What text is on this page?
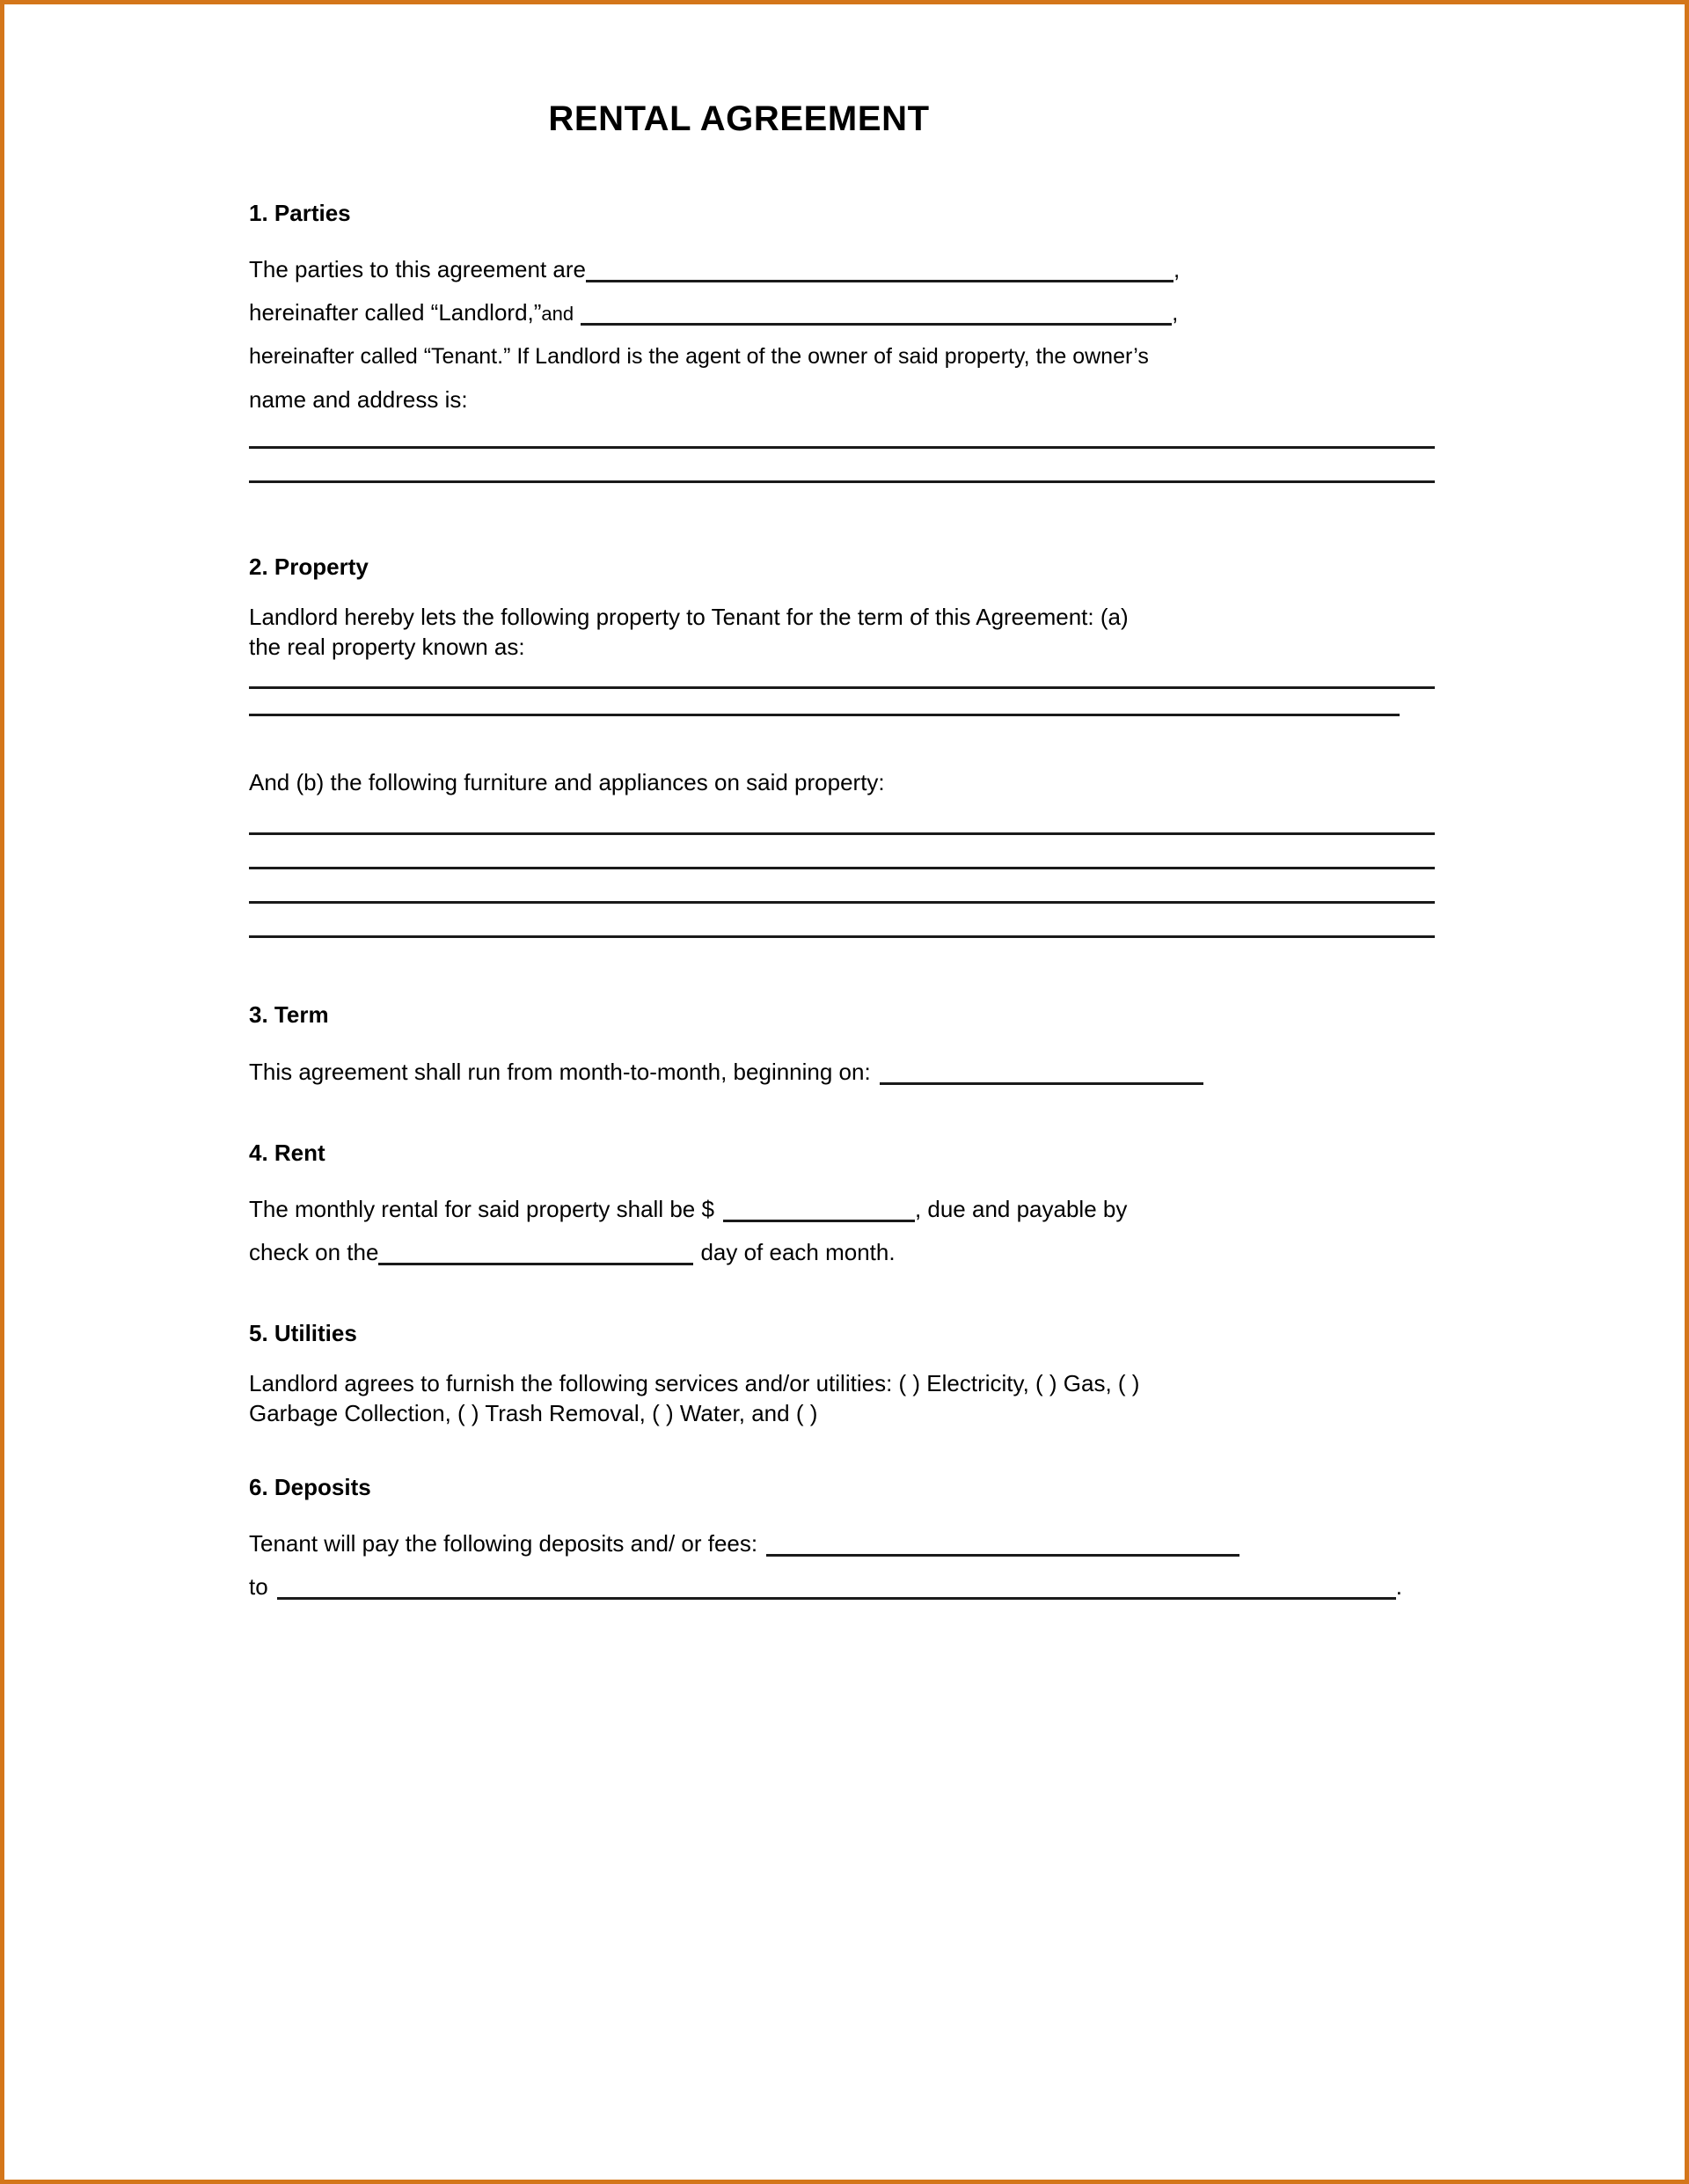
RENTAL AGREEMENT
1. Parties
The parties to this agreement are	,
hereinafter called “Landlord,”and	,
hereinafter called “Tenant.” If Landlord is the agent of the owner of said property, the owner’s
name and address is:
2. Property
Landlord hereby lets the following property to Tenant for the term of this Agreement: (a)
the real property known as:
And (b) the following furniture and appliances on said property:
3. Term
This agreement shall run from month-to-month, beginning on:
4. Rent
The monthly rental for said property shall be $	, due and payable by
check on the	day of each month.
5. Utilities
Landlord agrees to furnish the following services and/or utilities: ( ) Electricity, ( ) Gas, ( )
Garbage Collection, ( ) Trash Removal, ( ) Water, and ( )
6. Deposits
Tenant will pay the following deposits and/ or fees:
to	.
